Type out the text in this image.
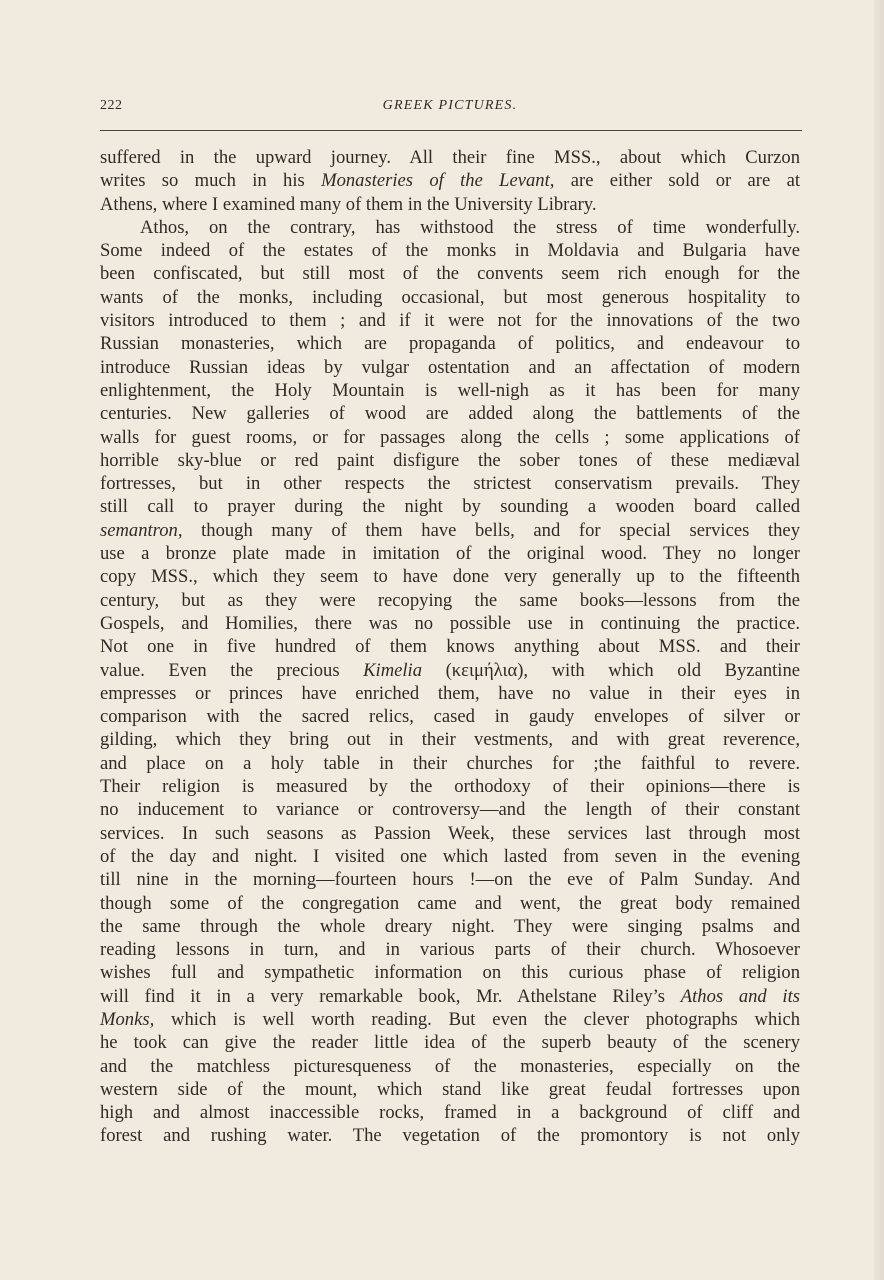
222	GREEK PICTURES.
suffered in the upward journey. All their fine MSS., about which Curzon
writes so much in his Monasteries of the Levant, are either sold or are at
Athens, where I examined many of them in the University Library.
Athos, on the contrary, has withstood the stress of time wonderfully.
Some indeed of the estates of the monks in Moldavia and Bulgaria have
been confiscated, but still most of the convents seem rich enough for the
wants of the monks, including occasional, but most generous hospitality to
visitors introduced to them ; and if it were not for the innovations of the two
Russian monasteries, which are propaganda of politics, and endeavour to
introduce Russian ideas by vulgar ostentation and an affectation of modern
enlightenment, the Holy Mountain is well-nigh as it has been for many
centuries. New galleries of wood are added along the battlements of the
walls for guest rooms, or for passages along the cells ; some applications of
horrible sky-blue or red paint disfigure the sober tones of these mediæval
fortresses, but in other respects the strictest conservatism prevails. They
still call to prayer during the night by sounding a wooden board called
semantron, though many of them have bells, and for special services they
use a bronze plate made in imitation of the original wood. They no longer
copy MSS., which they seem to have done very generally up to the fifteenth
century, but as they were recopying the same books—lessons from the
Gospels, and Homilies, there was no possible use in continuing the practice.
Not one in five hundred of them knows anything about MSS. and their
value. Even the precious Kimelia (κειμήλια), with which old Byzantine
empresses or princes have enriched them, have no value in their eyes in
comparison with the sacred relics, cased in gaudy envelopes of silver or
gilding, which they bring out in their vestments, and with great reverence,
and place on a holy table in their churches for ;the faithful to revere.
Their religion is measured by the orthodoxy of their opinions—there is
no inducement to variance or controversy—and the length of their constant
services. In such seasons as Passion Week, these services last through most
of the day and night. I visited one which lasted from seven in the evening
till nine in the morning—fourteen hours !—on the eve of Palm Sunday. And
though some of the congregation came and went, the great body remained
the same through the whole dreary night. They were singing psalms and
reading lessons in turn, and in various parts of their church. Whosoever
wishes full and sympathetic information on this curious phase of religion
will find it in a very remarkable book, Mr. Athelstane Riley’s Athos and its
Monks, which is well worth reading. But even the clever photographs which
he took can give the reader little idea of the superb beauty of the scenery
and the matchless picturesqueness of the monasteries, especially on the
western side of the mount, which stand like great feudal fortresses upon
high and almost inaccessible rocks, framed in a background of cliff and
forest and rushing water. The vegetation of the promontory is not only
